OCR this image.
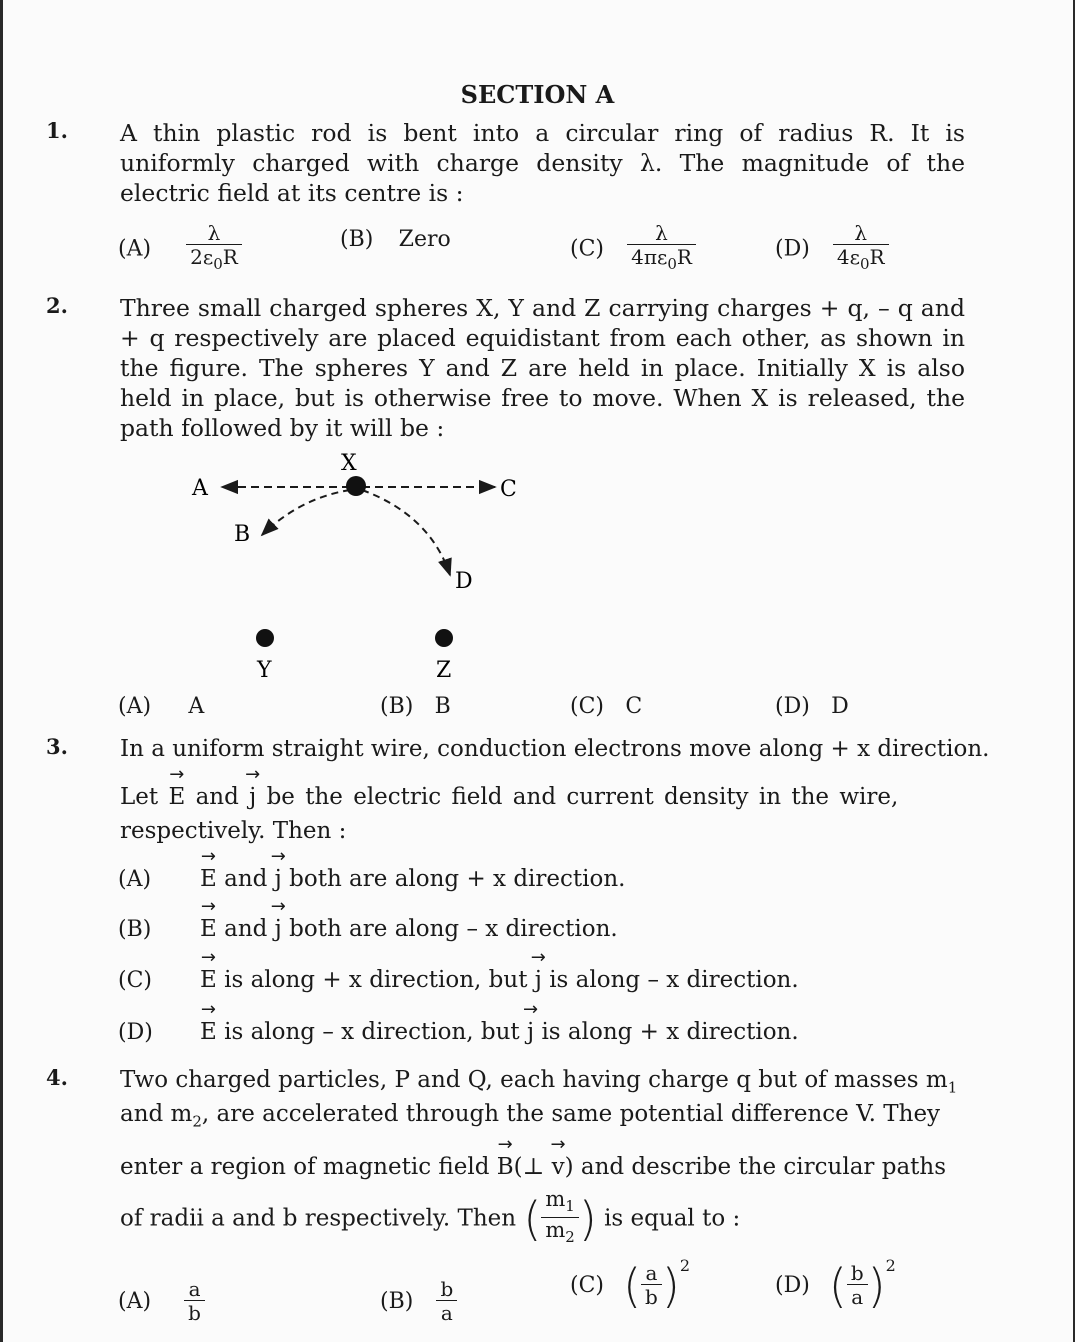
SECTION A
1. A thin plastic rod is bent into a circular ring of radius R. It is uniformly charged with charge density λ. The magnitude of the electric field at its centre is :
$(A) \frac{\lambda}{2\varepsilon_0R}$	(B) Zero	$(C) \frac{\lambda}{4\pi\varepsilon_0R}$	$(D) \frac{\lambda}{4\varepsilon_0R}$
2. Three small charged spheres X, Y and Z carrying charges + q, – q and + q respectively are placed equidistant from each other, as shown in the figure. The spheres Y and Z are held in place. Initially X is also held in place, but is otherwise free to move. When X is released, the path followed by it will be :
X
A	C
B
D
Y	Z
(A) A	(B) B	(C) C	(D) D
3. In a uniform straight wire, conduction electrons move along + x direction.
Let → E and → j be the electric field and current density in the wire,
respectively. Then :
(A) → E and → j both are along + x direction.
(B) → E and → j both are along – x direction.
(C) → E is along + x direction, but → j is along – x direction.
(D) → E is along – x direction, but → j is along + x direction.
4. Two charged particles, P and Q, each having charge q but of masses $m_1$
and $m_2$, are accelerated through the same potential difference V. They
enter a region of magnetic field → B(⊥ → v) and describe the circular paths
of radii a and b respectively. Then ( $\frac{m_1}{m_2}$ ) is equal to :
$(A) \frac{a}{b}$	$(B) \frac{b}{a}$	(C) ( $\frac{a}{b} )2$
(D) ( $\frac{b}{a} )2$
